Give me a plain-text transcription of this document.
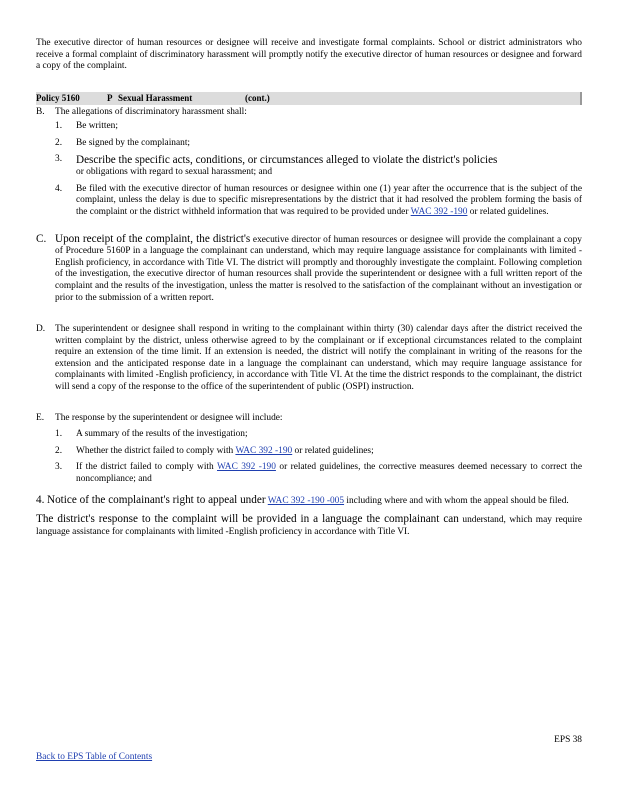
The executive director of human resources or designee will receive and investigate formal complaints. School or district administrators who receive a formal complaint of discriminatory harassment will promptly notify the executive director of human resources or designee and forward a copy of the complaint.

Policy 5160	P Sexual Harassment	(cont.)
B. The allegations of discriminatory harassment shall:

1. Be written;
2. Be signed by the complainant;
3. Describe the specific acts, conditions, or circumstances alleged to violate the district's policies
or obligations with regard to sexual harassment; and
4. Be filed with the executive director of human resources or designee within one (1) year after the occurrence that is the subject of the complaint, unless the delay is due to specific misrepresentations by the district that it had resolved the problem forming the basis of the complaint or the district withheld information that was required to be provided under WAC 392 -190 or related guidelines.

C. Upon receipt of the complaint, the district's executive director of human resources or designee will provide the complainant a copy of Procedure 5160P in a language the complainant can understand, which may require language assistance for complainants with limited -English proficiency, in accordance with Title VI. The district will promptly and thoroughly investigate the complaint. Following completion of the investigation, the executive director of human resources shall provide the superintendent or designee with a full written report of the complaint and the results of the investigation, unless the matter is resolved to the satisfaction of the complainant without an investigation or prior to the submission of a written report.

D. The superintendent or designee shall respond in writing to the complainant within thirty (30) calendar days after the district received the written complaint by the district, unless otherwise agreed to by the complainant or if exceptional circumstances related to the complaint require an extension of the time limit. If an extension is needed, the district will notify the complainant in writing of the reasons for the extension and the anticipated response date in a language the complainant can understand, which may require language assistance for complainants with limited -English proficiency, in accordance with Title VI. At the time the district responds to the complainant, the district will send a copy of the response to the office of the superintendent of public (OSPI) instruction.

E. The response by the superintendent or designee will include:

1. A summary of the results of the investigation;
2. Whether the district failed to comply with WAC 392 -190 or related guidelines;
3. If the district failed to comply with WAC 392 -190 or related guidelines, the corrective measures deemed necessary to correct the noncompliance; and

4. Notice of the complainant's right to appeal under WAC 392 -190 -005 including where and with whom the appeal should be filed.

The district's response to the complaint will be provided in a language the complainant can understand, which may require language assistance for complainants with limited -English proficiency in accordance with Title VI.

EPS 38
Back to EPS Table of Contents
